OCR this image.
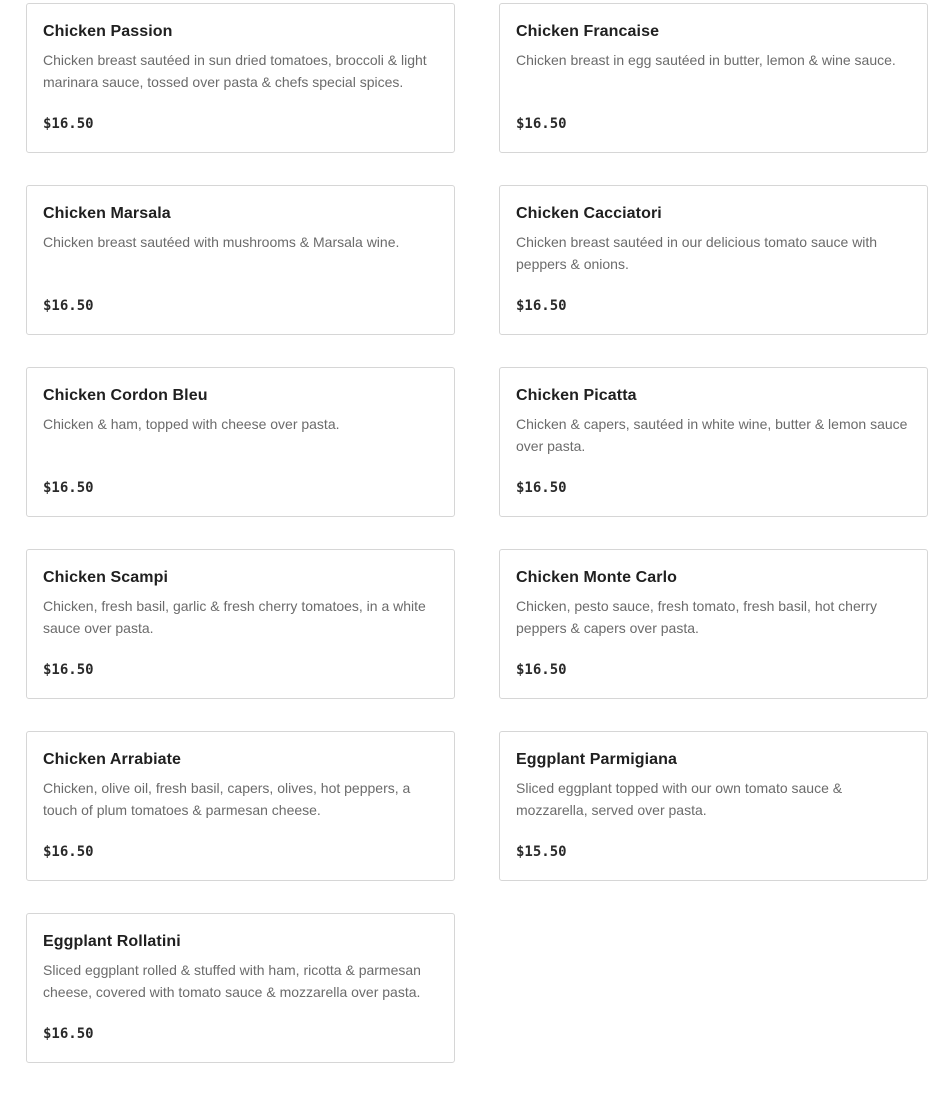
Chicken Passion

Chicken breast sautéed in sun dried tomatoes, broccoli & light marinara sauce, tossed over pasta & chefs special spices.

$16.50
Chicken Francaise

Chicken breast in egg sautéed in butter, lemon & wine sauce.

$16.50
Chicken Marsala

Chicken breast sautéed with mushrooms & Marsala wine.

$16.50
Chicken Cacciatori

Chicken breast sautéed in our delicious tomato sauce with peppers & onions.

$16.50
Chicken Cordon Bleu

Chicken & ham, topped with cheese over pasta.

$16.50
Chicken Picatta

Chicken & capers, sautéed in white wine, butter & lemon sauce over pasta.

$16.50
Chicken Scampi

Chicken, fresh basil, garlic & fresh cherry tomatoes, in a white sauce over pasta.

$16.50
Chicken Monte Carlo

Chicken, pesto sauce, fresh tomato, fresh basil, hot cherry peppers & capers over pasta.

$16.50
Chicken Arrabiate

Chicken, olive oil, fresh basil, capers, olives, hot peppers, a touch of plum tomatoes & parmesan cheese.

$16.50
Eggplant Parmigiana

Sliced eggplant topped with our own tomato sauce & mozzarella, served over pasta.

$15.50
Eggplant Rollatini

Sliced eggplant rolled & stuffed with ham, ricotta & parmesan cheese, covered with tomato sauce & mozzarella over pasta.

$16.50
